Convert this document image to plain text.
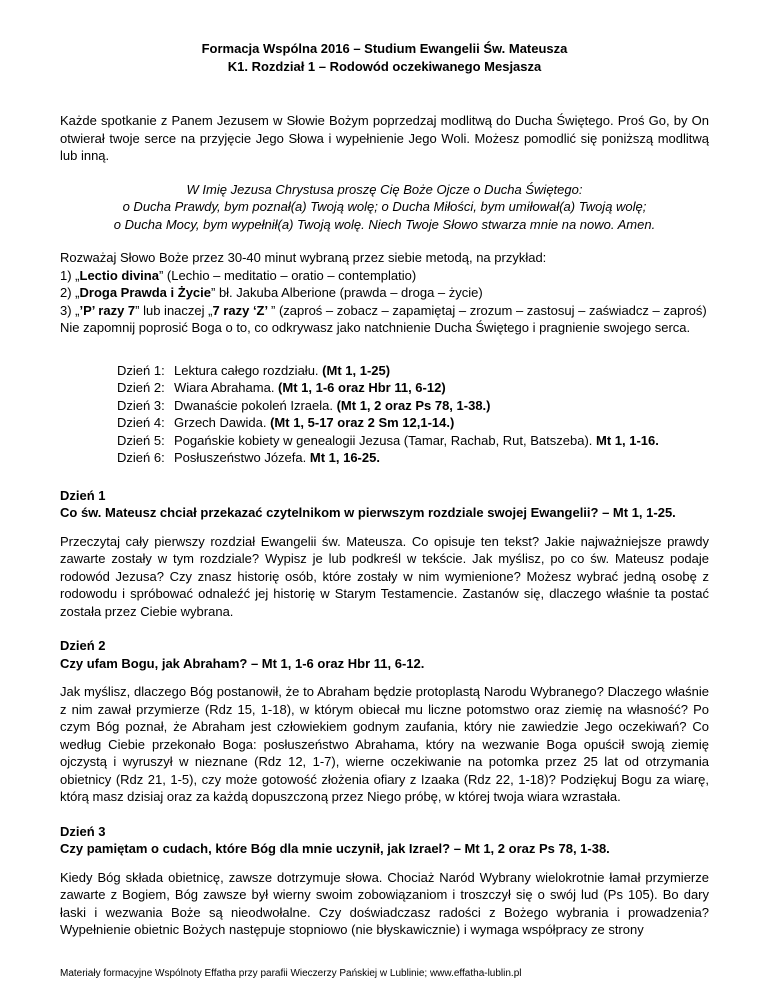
Formacja Wspólna 2016 – Studium Ewangelii Św. Mateusza

K1. Rozdział 1 – Rodowód oczekiwanego Mesjasza

Każde spotkanie z Panem Jezusem w Słowie Bożym poprzedzaj modlitwą do Ducha Świętego. Proś Go, by On otwierał twoje serce na przyjęcie Jego Słowa i wypełnienie Jego Woli. Możesz pomodlić się poniższą modlitwą lub inną.

W Imię Jezusa Chrystusa proszę Cię Boże Ojcze o Ducha Świętego:

o Ducha Prawdy, bym poznał(a) Twoją wolę; o Ducha Miłości, bym umiłował(a) Twoją wolę;

o Ducha Mocy, bym wypełnił(a) Twoją wolę. Niech Twoje Słowo stwarza mnie na nowo. Amen.

Rozważaj Słowo Boże przez 30-40 minut wybraną przez siebie metodą, na przykład:

1) „Lectio divina” (Lechio – meditatio – oratio – contemplatio)

2) „Droga Prawda i Życie” bł. Jakuba Alberione (prawda – droga – życie)

3) „’P’ razy 7” lub inaczej „7 razy ‘Z’ ” (zaproś – zobacz – zapamiętaj – zrozum – zastosuj – zaświadcz – zaproś)

Nie zapomnij poprosić Boga o to, co odkrywasz jako natchnienie Ducha Świętego i pragnienie swojego serca.

Dzień 1: Lektura całego rozdziału. (Mt 1, 1-25)
Dzień 2: Wiara Abrahama. (Mt 1, 1-6 oraz Hbr 11, 6-12)
Dzień 3: Dwanaście pokoleń Izraela. (Mt 1, 2 oraz Ps 78, 1-38.)
Dzień 4: Grzech Dawida. (Mt 1, 5-17 oraz 2 Sm 12,1-14.)
Dzień 5: Pogańskie kobiety w genealogii Jezusa (Tamar, Rachab, Rut, Batszeba). Mt 1, 1-16.
Dzień 6: Posłuszeństwo Józefa. Mt 1, 16-25.

Dzień 1

Co św. Mateusz chciał przekazać czytelnikom w pierwszym rozdziale swojej Ewangelii? – Mt 1, 1-25.

Przeczytaj cały pierwszy rozdział Ewangelii św. Mateusza. Co opisuje ten tekst? Jakie najważniejsze prawdy zawarte zostały w tym rozdziale? Wypisz je lub podkreśl w tekście. Jak myślisz, po co św. Mateusz podaje rodowód Jezusa? Czy znasz historię osób, które zostały w nim wymienione? Możesz wybrać jedną osobę z rodowodu i spróbować odnaleźć jej historię w Starym Testamencie. Zastanów się, dlaczego właśnie ta postać została przez Ciebie wybrana.

Dzień 2

Czy ufam Bogu, jak Abraham? – Mt 1, 1-6 oraz Hbr 11, 6-12.

Jak myślisz, dlaczego Bóg postanowił, że to Abraham będzie protoplastą Narodu Wybranego? Dlaczego właśnie z nim zawał przymierze (Rdz 15, 1-18), w którym obiecał mu liczne potomstwo oraz ziemię na własność? Po czym Bóg poznał, że Abraham jest człowiekiem godnym zaufania, który nie zawiedzie Jego oczekiwań? Co według Ciebie przekonało Boga: posłuszeństwo Abrahama, który na wezwanie Boga opuścił swoją ziemię ojczystą i wyruszył w nieznane (Rdz 12, 1-7), wierne oczekiwanie na potomka przez 25 lat od otrzymania obietnicy (Rdz 21, 1-5), czy może gotowość złożenia ofiary z Izaaka (Rdz 22, 1-18)? Podziękuj Bogu za wiarę, którą masz dzisiaj oraz za każdą dopuszczoną przez Niego próbę, w której twoja wiara wzrastała.

Dzień 3

Czy pamiętam o cudach, które Bóg dla mnie uczynił, jak Izrael? – Mt 1, 2 oraz Ps 78, 1-38.

Kiedy Bóg składa obietnicę, zawsze dotrzymuje słowa. Chociaż Naród Wybrany wielokrotnie łamał przymierze zawarte z Bogiem, Bóg zawsze był wierny swoim zobowiązaniom i troszczył się o swój lud (Ps 105). Bo dary łaski i wezwania Boże są nieodwołalne. Czy doświadczasz radości z Bożego wybrania i prowadzenia? Wypełnienie obietnic Bożych następuje stopniowo (nie błyskawicznie) i wymaga współpracy ze strony

Materiały formacyjne Wspólnoty Effatha przy parafii Wieczerzy Pańskiej w Lublinie; www.effatha-lublin.pl
